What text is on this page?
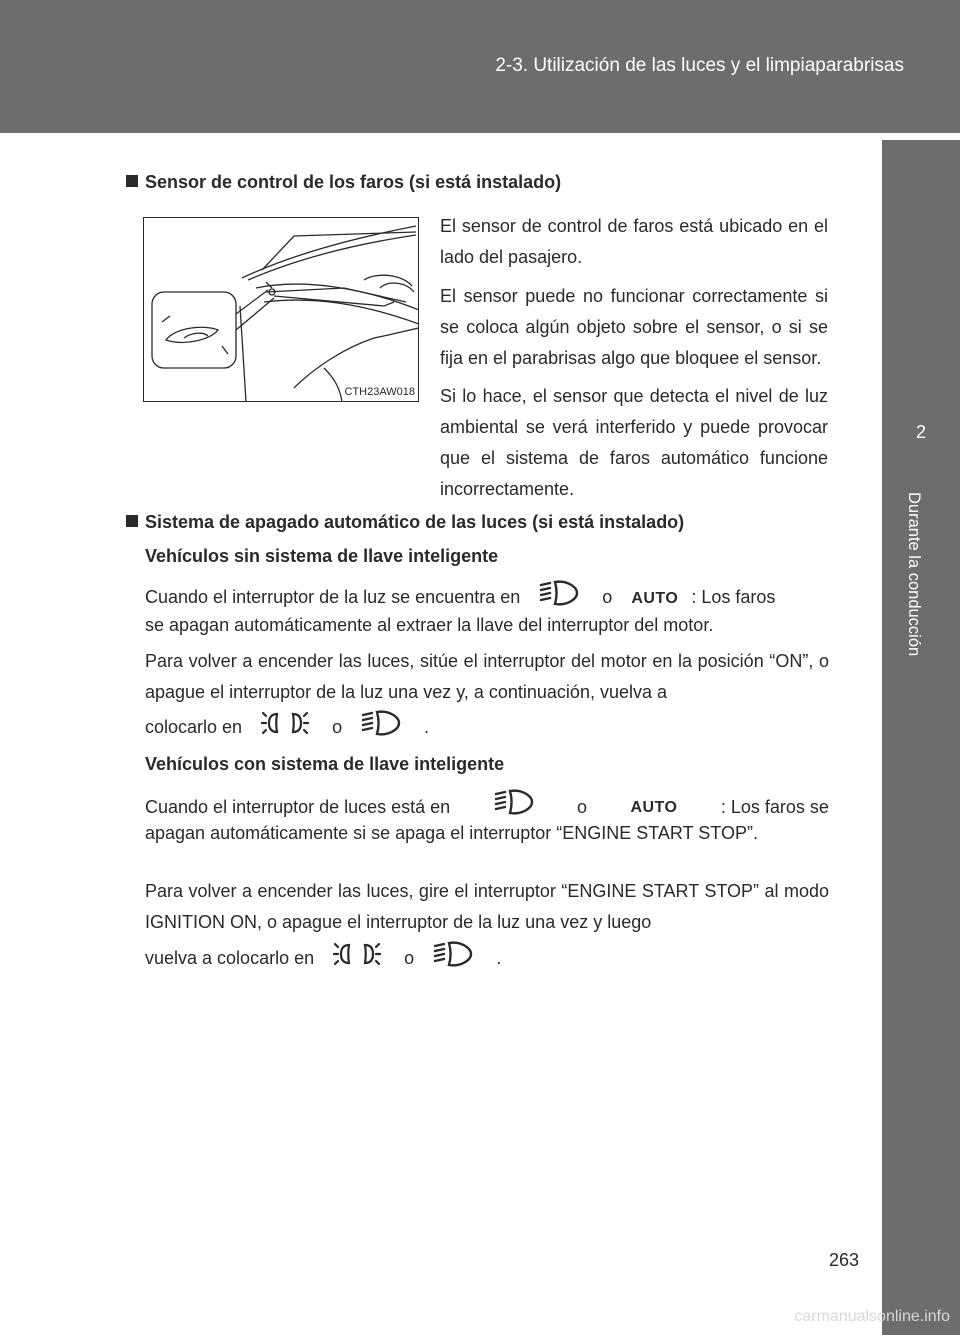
2-3. Utilización de las luces y el limpiaparabrisas
2
Durante la conducción
Sensor de control de los faros (si está instalado)
CTH23AW018

El sensor de control de faros está ubicado en el lado del pasajero.

El sensor puede no funcionar correctamente si se coloca algún objeto sobre el sensor, o si se fija en el parabrisas algo que bloquee el sensor.

Si lo hace, el sensor que detecta el nivel de luz ambiental se verá interferido y puede provocar que el sistema de faros automático funcione incorrectamente.

Sistema de apagado automático de las luces (si está instalado)
Vehículos sin sistema de llave inteligente
Cuando el interruptor de la luz se encuentra en	o AUTO : Los faros
se apagan automáticamente al extraer la llave del interruptor del motor.

Para volver a encender las luces, sitúe el interruptor del motor en la posición “ON”, o apague el interruptor de la luz una vez y, a continuación, vuelva a

colocarlo en	o	.
Vehículos con sistema de llave inteligente
Cuando el interruptor de luces está en	o	AUTO : Los faros se

apagan automáticamente si se apaga el interruptor “ENGINE START STOP”.

Para volver a encender las luces, gire el interruptor “ENGINE START STOP” al modo IGNITION ON, o apague el interruptor de la luz una vez y luego

vuelva a colocarlo en	o	.
263
carmanualsonline.info
